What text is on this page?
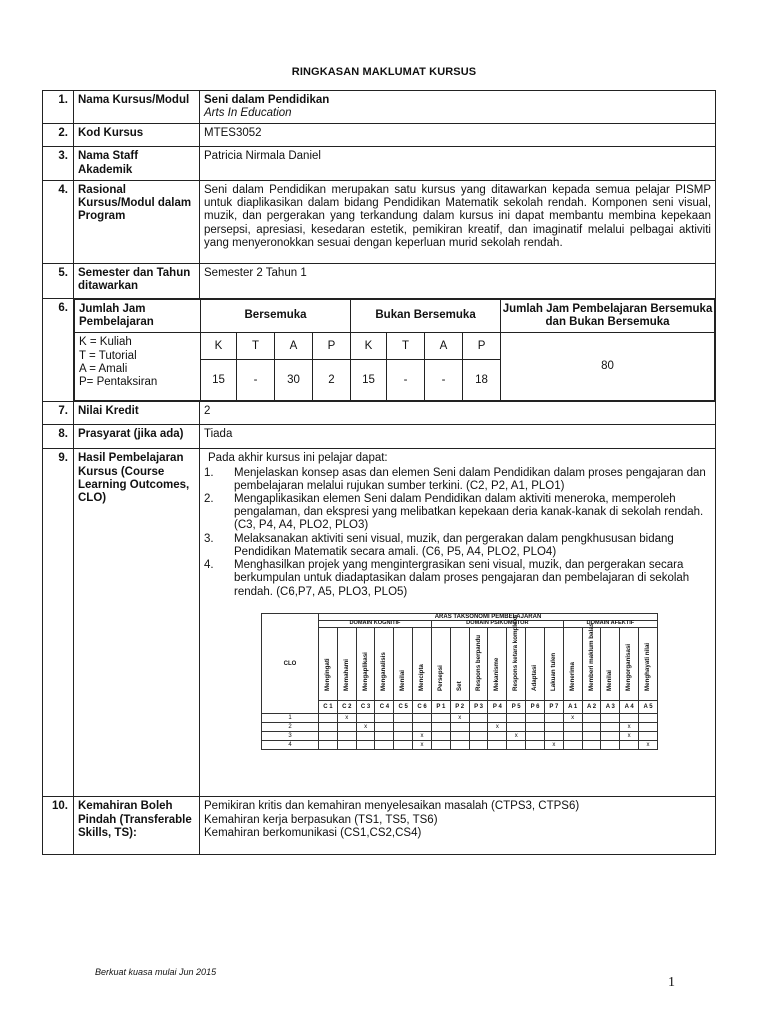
RINGKASAN MAKLUMAT KURSUS
1.	Nama Kursus/Modul	Seni dalam Pendidikan
Arts In Education

2.	Kod Kursus	MTES3052
3.	Nama Staff Akademik	Patricia Nirmala Daniel
4.	Rasional Kursus/Modul dalam Program	Seni dalam Pendidikan merupakan satu kursus yang ditawarkan kepada semua pelajar PISMP untuk diaplikasikan dalam bidang Pendidikan Matematik sekolah rendah. Komponen seni visual, muzik, dan pergerakan yang terkandung dalam kursus ini dapat membantu membina kepekaan persepsi, apresiasi, kesedaran estetik, pemikiran kreatif, dan imaginatif melalui pelbagai aktiviti yang menyeronokkan sesuai dengan keperluan murid sekolah rendah.
5.	Semester dan Tahun ditawarkan	Semester 2 Tahun 1
6.	Jumlah Jam Pembelajaran	Bersemuka	Bukan Bersemuka	Jumlah Jam Pembelajaran Bersemuka dan Bukan Bersemuka

K = Kuliah
T = Tutorial
A = Amali
P= Pentaksiran
	K	T	A	P	K	T	A	P	80
15	-	30	2	15	-	-	18

7.	Nilai Kredit	2
8.	Prasyarat (jika ada)	Tiada
9.	Hasil Pembelajaran Kursus (Course Learning Outcomes, CLO)	
Pada akhir kursus ini pelajar dapat:
1.	Menjelaskan konsep asas dan elemen Seni dalam Pendidikan dalam proses pengajaran dan pembelajaran melalui rujukan sumber terkini. (C2, P2, A1, PLO1)
2.	Mengaplikasikan elemen Seni dalam Pendidikan dalam aktiviti meneroka, memperoleh pengalaman, dan ekspresi yang melibatkan kepekaan deria kanak-kanak di sekolah rendah. (C3, P4, A4, PLO2, PLO3)
3.	Melaksanakan aktiviti seni visual, muzik, dan pergerakan dalam pengkhususan bidang Pendidikan Matematik secara amali. (C6, P5, A4, PLO2, PLO4)
4.	Menghasilkan projek yang mengintergrasikan seni visual, muzik, dan pergerakan secara berkumpulan untuk diadaptasikan dalam proses pengajaran dan pembelajaran di sekolah rendah. (C6,P7, A5, PLO3, PLO5)
	ARAS TAKSONOMI PEMBELAJARAN
DOMAIN KOGNITIF	DOMAIN PSIKOMOTOR	DOMAIN AFEKTIF
CLO	Mengingati	Memahami	Mengaplikasi	Menganalisis	Menilai	Mencipta	Persepsi	Set	Respons berpandu	Mekanisme	Respons ketara kompleks	Adaptasi	Lakuan tulen	Menerima	Memberi maklum balas	Menilai	Mengorganisasi	Menghayati nilai

	C 1	C 2	C 3	C 4	C 5	C 6	P 1	P 2	P 3	P 4	P 5	P 6	P 7	A 1	A 2	A 3	A 4	A 5
1		x						x						x				
2			x							x							x	
3						x					x						x	
4						x							x					x

10.	Kemahiran Boleh Pindah (Transferable Skills, TS):	
Pemikiran kritis dan kemahiran menyelesaikan masalah (CTPS3, CTPS6)
Kemahiran kerja berpasukan (TS1, TS5, TS6)
Kemahiran berkomunikasi (CS1,CS2,CS4)
Berkuat kuasa mulai Jun 2015
1
